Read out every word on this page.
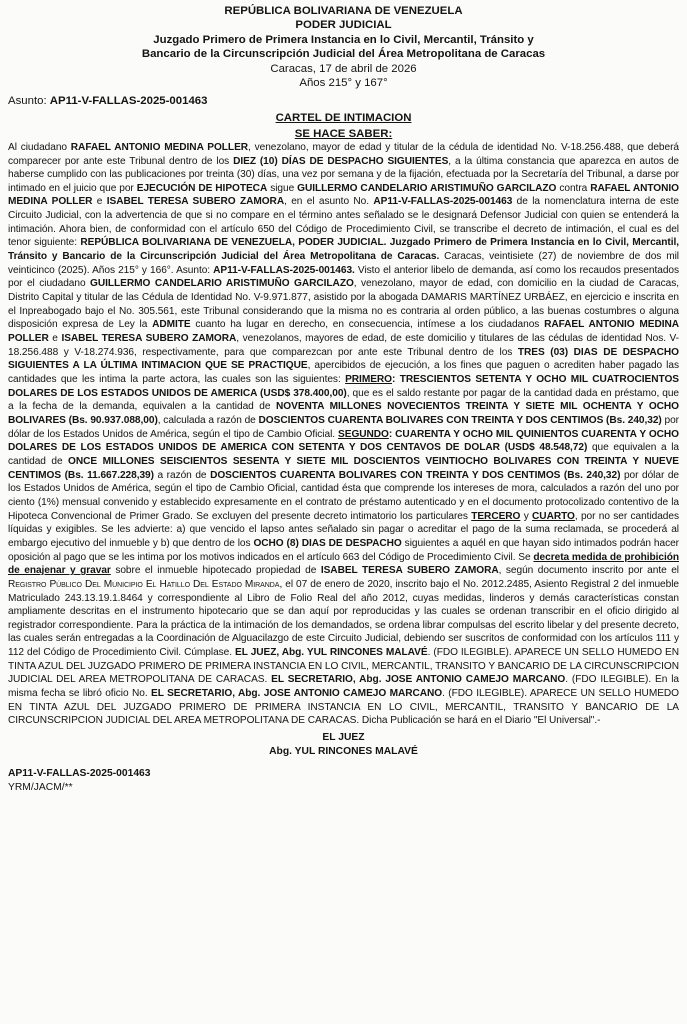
REPÚBLICA BOLIVARIANA DE VENEZUELA
PODER JUDICIAL
Juzgado Primero de Primera Instancia en lo Civil, Mercantil, Tránsito y
Bancario de la Circunscripción Judicial del Área Metropolitana de Caracas
Caracas, 17 de abril de 2026
Años 215° y 167°
Asunto: AP11-V-FALLAS-2025-001463
CARTEL DE INTIMACION
SE HACE SABER:
Al ciudadano RAFAEL ANTONIO MEDINA POLLER, venezolano, mayor de edad y titular de la cédula de identidad No. V-18.256.488, que deberá comparecer por ante este Tribunal dentro de los DIEZ (10) DÍAS DE DESPACHO SIGUIENTES, a la última constancia que aparezca en autos de haberse cumplido con las publicaciones por treinta (30) días, una vez por semana y de la fijación, efectuada por la Secretaría del Tribunal, a darse por intimado en el juicio que por EJECUCIÓN DE HIPOTECA sigue GUILLERMO CANDELARIO ARISTIMUÑO GARCILAZO contra RAFAEL ANTONIO MEDINA POLLER e ISABEL TERESA SUBERO ZAMORA, en el asunto No. AP11-V-FALLAS-2025-001463 de la nomenclatura interna de este Circuito Judicial, con la advertencia de que si no compare en el término antes señalado se le designará Defensor Judicial con quien se entenderá la intimación. Ahora bien, de conformidad con el artículo 650 del Código de Procedimiento Civil, se transcribe el decreto de intimación, el cual es del tenor siguiente: REPÚBLICA BOLIVARIANA DE VENEZUELA, PODER JUDICIAL. Juzgado Primero de Primera Instancia en lo Civil, Mercantil, Tránsito y Bancario de la Circunscripción Judicial del Área Metropolitana de Caracas. Caracas, veintisiete (27) de noviembre de dos mil veinticinco (2025). Años 215° y 166°. Asunto: AP11-V-FALLAS-2025-001463. Visto el anterior libelo de demanda, así como los recaudos presentados por el ciudadano GUILLERMO CANDELARIO ARISTIMUÑO GARCILAZO, venezolano, mayor de edad, con domicilio en la ciudad de Caracas, Distrito Capital y titular de las Cédula de Identidad No. V-9.971.877, asistido por la abogada DAMARIS MARTÍNEZ URBÁEZ, en ejercicio e inscrita en el Inpreabogado bajo el No. 305.561, este Tribunal considerando que la misma no es contraria al orden público, a las buenas costumbres o alguna disposición expresa de Ley la ADMITE cuanto ha lugar en derecho, en consecuencia, intímese a los ciudadanos RAFAEL ANTONIO MEDINA POLLER e ISABEL TERESA SUBERO ZAMORA, venezolanos, mayores de edad, de este domicilio y titulares de las cédulas de identidad Nos. V-18.256.488 y V-18.274.936, respectivamente, para que comparezcan por ante este Tribunal dentro de los TRES (03) DIAS DE DESPACHO SIGUIENTES A LA ÚLTIMA INTIMACION QUE SE PRACTIQUE, apercibidos de ejecución, a los fines que paguen o acrediten haber pagado las cantidades que les intima la parte actora, las cuales son las siguientes: PRIMERO: TRESCIENTOS SETENTA Y OCHO MIL CUATROCIENTOS DOLARES DE LOS ESTADOS UNIDOS DE AMERICA (USD$ 378.400,00), que es el saldo restante por pagar de la cantidad dada en préstamo, que a la fecha de la demanda, equivalen a la cantidad de NOVENTA MILLONES NOVECIENTOS TREINTA Y SIETE MIL OCHENTA Y OCHO BOLIVARES (Bs. 90.937.088,00), calculada a razón de DOSCIENTOS CUARENTA BOLIVARES CON TREINTA Y DOS CENTIMOS (Bs. 240,32) por dólar de los Estados Unidos de América, según el tipo de Cambio Oficial. SEGUNDO: CUARENTA Y OCHO MIL QUINIENTOS CUARENTA Y OCHO DOLARES DE LOS ESTADOS UNIDOS DE AMERICA CON SETENTA Y DOS CENTAVOS DE DOLAR (USD$ 48.548,72) que equivalen a la cantidad de ONCE MILLONES SEISCIENTOS SESENTA Y SIETE MIL DOSCIENTOS VEINTIOCHO BOLIVARES CON TREINTA Y NUEVE CENTIMOS (Bs. 11.667.228,39) a razón de DOSCIENTOS CUARENTA BOLIVARES CON TREINTA Y DOS CENTIMOS (Bs. 240,32) por dólar de los Estados Unidos de América, según el tipo de Cambio Oficial, cantidad ésta que comprende los intereses de mora, calculados a razón del uno por ciento (1%) mensual convenido y establecido expresamente en el contrato de préstamo autenticado y en el documento protocolizado contentivo de la Hipoteca Convencional de Primer Grado. Se excluyen del presente decreto intimatorio los particulares TERCERO y CUARTO, por no ser cantidades líquidas y exigibles. Se les advierte: a) que vencido el lapso antes señalado sin pagar o acreditar el pago de la suma reclamada, se procederá al embargo ejecutivo del inmueble y b) que dentro de los OCHO (8) DIAS DE DESPACHO siguientes a aquél en que hayan sido intimados podrán hacer oposición al pago que se les intima por los motivos indicados en el artículo 663 del Código de Procedimiento Civil. Se decreta medida de prohibición de enajenar y gravar sobre el inmueble hipotecado propiedad de ISABEL TERESA SUBERO ZAMORA, según documento inscrito por ante el Registro Público Del Municipio El Hatillo Del Estado Miranda, el 07 de enero de 2020, inscrito bajo el No. 2012.2485, Asiento Registral 2 del inmueble Matriculado 243.13.19.1.8464 y correspondiente al Libro de Folio Real del año 2012, cuyas medidas, linderos y demás características constan ampliamente descritas en el instrumento hipotecario que se dan aquí por reproducidas y las cuales se ordenan transcribir en el oficio dirigido al registrador correspondiente. Para la práctica de la intimación de los demandados, se ordena librar compulsas del escrito libelar y del presente decreto, las cuales serán entregadas a la Coordinación de Alguacilazgo de este Circuito Judicial, debiendo ser suscritos de conformidad con los artículos 111 y 112 del Código de Procedimiento Civil. Cúmplase. EL JUEZ, Abg. YUL RINCONES MALAVÉ. (FDO ILEGIBLE). APARECE UN SELLO HUMEDO EN TINTA AZUL DEL JUZGADO PRIMERO DE PRIMERA INSTANCIA EN LO CIVIL, MERCANTIL, TRANSITO Y BANCARIO DE LA CIRCUNSCRIPCION JUDICIAL DEL AREA METROPOLITANA DE CARACAS. EL SECRETARIO, Abg. JOSE ANTONIO CAMEJO MARCANO. (FDO ILEGIBLE). En la misma fecha se libró oficio No. EL SECRETARIO, Abg. JOSE ANTONIO CAMEJO MARCANO. (FDO ILEGIBLE). APARECE UN SELLO HUMEDO EN TINTA AZUL DEL JUZGADO PRIMERO DE PRIMERA INSTANCIA EN LO CIVIL, MERCANTIL, TRANSITO Y BANCARIO DE LA CIRCUNSCRIPCION JUDICIAL DEL AREA METROPOLITANA DE CARACAS. Dicha Publicación se hará en el Diario "El Universal".-
EL JUEZ
Abg. YUL RINCONES MALAVÉ
AP11-V-FALLAS-2025-001463
YRM/JACM/**
